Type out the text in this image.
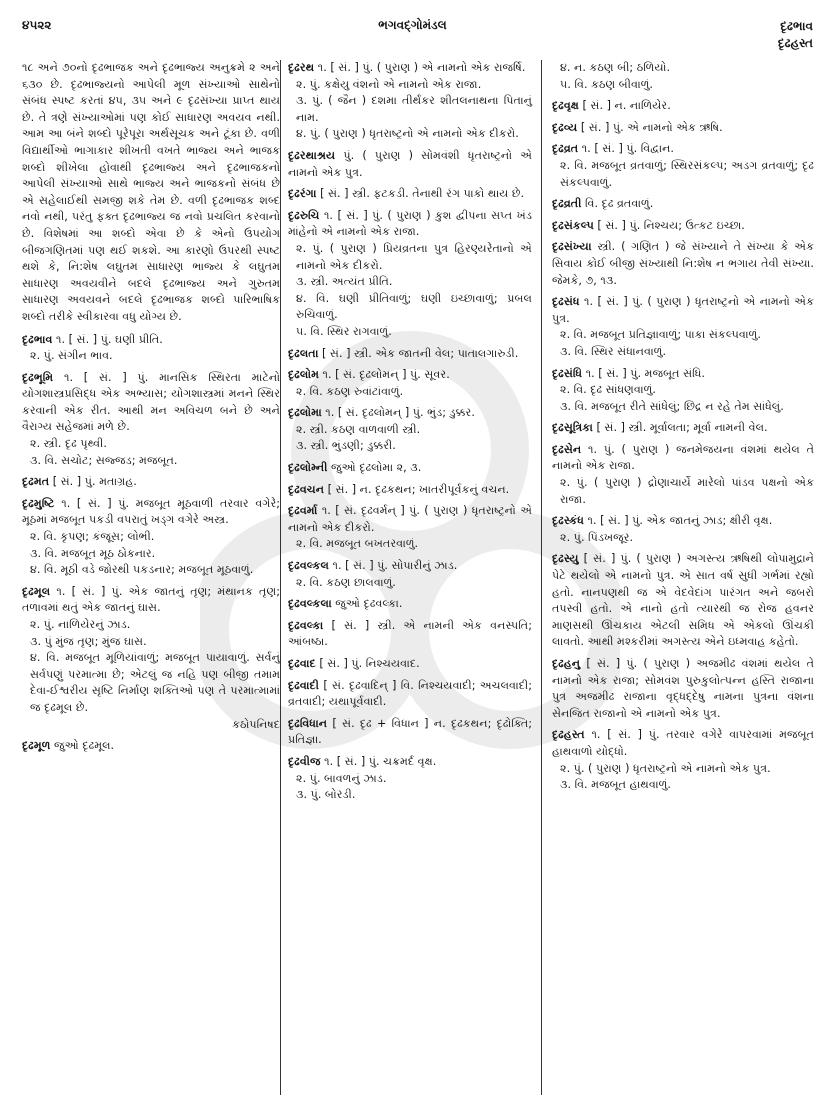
૪૫૨૨	ભગવદ્ગોમંડલ	દૃઢભાવ
દૃઢહસ્ત

૧૮ અને ૭૦નો દૃઢભાજક અને દૃઢભાજ્ય અનુક્રમે ૨ અને ૬૩૦ છે. દૃઢભાજ્યનો આપેલી મૂળ સંખ્યાઓ સાથેનો સંબંધ સ્પષ્ટ કરતાં ૪૫, ૩૫ અને ૯ દૃઢસંખ્યા પ્રાપ્ત થાય છે. તે ત્રણે સંખ્યાઓમાં પણ કોઈ સાધારણ અવયવ નથી. આમ આ બંને શબ્દો પૂરેપૂરા અર્થસૂચક અને ટૂંકા છે. વળી વિદ્યાર્થીઓ ભાગાકાર શીખતી વખતે ભાજ્ય અને ભાજક શબ્દો શીખેલા હોવાથી દૃઢભાજ્ય અને દૃઢભાજકનો આપેલી સંખ્યાઓ સાથે ભાજ્ય અને ભાજકનો સંબંધ છે એ સહેલાઈથી સમજી શકે તેમ છે. વળી દૃઢભાજક શબ્દ નવો નથી, પરંતુ ફક્ત દૃઢભાજ્ય જ નવો પ્રચલિત કરવાનો છે. વિશેષમાં આ શબ્દો એવા છે કે એનો ઉપયોગ બીજગણિતમાં પણ થઈ શકશે. આ કારણો ઉપરથી સ્પષ્ટ થશે કે, નિ:શેષ લઘુતમ સાધારણ ભાજ્ય કે લઘુતમ સાધારણ અવયવીને બદલે દૃઢભાજ્ય અને ગુરુતમ સાધારણ અવયવને બદલે દૃઢભાજક શબ્દો પારિભાષિક શબ્દો તરીકે સ્વીકારવા વધુ યોગ્ય છે.

દૃઢભાવ ૧. [ સં. ] પું. ઘણી પ્રીતિ.
૨. પું. સંગીન ભાવ.
દૃઢભૂમિ ૧. [ સં. ] પું. માનસિક સ્થિરતા માટેનો યોગશાસ્ત્રપ્રસિદ્ધ એક અભ્યાસ; યોગશાસ્ત્રમાં મનને સ્થિર કરવાની એક રીત. આથી મન અવિચળ બને છે અને વૈરાગ્ય સહેજમાં મળે છે.
૨. સ્ત્રી. દૃઢ પૃથ્વી.
૩. વિ. સચોટ; સજ્જડ; મજબૂત.
દૃઢમત [ સં. ] પું. મતાગ્રહ.
દૃઢમુષ્ટિ ૧. [ સં. ] પું. મજબૂત મૂઠવાળી તરવાર વગેરે; મૂઠમાં મજબૂત પકડી વપરાતું ખડ્ગ વગેરે અસ્ત્ર.
૨. વિ. કૃપણ; કંજૂસ; લોભી.
૩. વિ. મજબૂત મૂઠ ઠોકનાર.
૪. વિ. મૂઠી વડે જોરથી પકડનાર; મજબૂત મૂઠવાળું.
દૃઢમૂલ ૧. [ સં. ] પું. એક જાતનું તૃણ; મંથાનક તૃણ; તળાવમાં થતું એક જાતનું ઘાસ.
૨. પું. નાળિયેરનું ઝાડ.
૩. પું મુંજ તૃણ; મુંજ ઘાસ.
૪. વિ. મજબૂત મૂળિયાંવાળું; મજબૂત પાયાવાળું. સર્વનું સર્વપણું પરમાત્મા છે; એટલું જ નહિ પણ બીજી તમામ દેવા-ઈશ્વરીય સૃષ્ટિ નિર્માણ શક્તિઓ પણ તે પરમાત્મામાં જ દૃઢમૂલ છે.
કઠોપનિષદ
દૃઢમૂળ જુઓ દૃઢમૂલ.
દૃઢરથ ૧. [ સં. ] પું. ( પુરાણ ) એ નામનો એક રાજર્ષિ.
૨. પું. કક્ષેયુ વંશનો એ નામનો એક રાજા.
૩. પું. ( જૈન ) દશમા તીર્થંકર શીતલનાથના પિતાનું નામ.
૪. પું. ( પુરાણ ) ધૃતરાષ્ટ્રનો એ નામનો એક દીકરો.
દૃઢરથાશ્રય પું. ( પુરાણ ) સોમવંશી ધૃતરાષ્ટ્રનો એ નામનો એક પુત્ર.
દૃઢરંગા [ સં. ] સ્ત્રી. ફટકડી. તેનાથી રંગ પાકો થાય છે.
દૃઢરુચિ ૧. [ સં. ] પું. ( પુરાણ ) કુશ દ્વીપના સપ્ત ખંડ માંહેનો એ નામનો એક રાજા.
૨. પું. ( પુરાણ ) પ્રિયવ્રતના પુત્ર હિરણ્યરેતાનો એ નામનો એક દીકરો.
૩. સ્ત્રી. અત્યંત પ્રીતિ.
૪. વિ. ઘણી પ્રીતિવાળું; ઘણી ઇચ્છાવાળું; પ્રબલ રુચિવાળું.
૫. વિ. સ્થિર રાગવાળું.
દૃઢલતા [ સં. ] સ્ત્રી. એક જાતની વેલ; પાતાલગારુડી.
દૃઢલોમ ૧. [ સં. દૃઢલોમન્ ] પું. સૂવર.
૨. વિ. કઠણ રુવાંટાંવાળું.
દૃઢલોમા ૧. [ સં. દૃઢલોમન્ ] પું. ભુંડ; ડુક્કર.
૨. સ્ત્રી. કઠણ વાળવાળી સ્ત્રી.
૩. સ્ત્રી. ભુંડણી; ડુક્કરી.
દૃઢલોમ્ની જુઓ દૃઢલોમા ૨, ૩.
દૃઢવચન [ સં. ] ન. દૃઢકથન; ખાતરીપૂર્વકનું વચન.
દૃઢવર્મા ૧. [ સં. દૃઢવર્મન્ ] પું. ( પુરાણ ) ધૃતરાષ્ટ્રનો એ નામનો એક દીકરો.
૨. વિ. મજબૂત બખતરવાળું.
દૃઢવલ્કલ ૧. [ સં. ] પું. સોપારીનું ઝાડ.
૨. વિ. કઠણ છાલવાળું.
દૃઢવલ્કલા જુઓ દૃઢવલ્કા.
દૃઢવલ્કા [ સં. ] સ્ત્રી. એ નામની એક વનસ્પતિ; આંબષ્ઠા.
દૃઢવાદ [ સં. ] પું. નિશ્ચયવાદ.
દૃઢવાદી [ સં. દૃઢવાદિન્ ] વિ. નિશ્ચયવાદી; અચલવાદી; વ્રતવાદી; યથાપૂર્વવાદી.
દૃઢવિધાન [ સં. દૃઢ + વિધાન ] ન. દૃઢકથન; દૃઢોક્તિ; પ્રતિજ્ઞા.
દૃઢવીજ ૧. [ સં. ] પું. ચક્રમર્દ વૃક્ષ.
૨. પું. બાવળનું ઝાડ.
૩. પું. બોરડી.
૪. ન. કઠણ બી; ઠળિયો.
૫. વિ. કઠણ બીવાળું.
દૃઢવૃક્ષ [ સં. ] ન. નાળિયેર.
દૃઢવ્ય [ સં. ] પું. એ નામનો એક ઋષિ.
દૃઢવ્રત ૧. [ સં. ] પું. વિદ્વાન.
૨. વિ. મજબૂત વ્રતવાળું; સ્થિરસંકલ્પ; અડગ વ્રતવાળું; દૃઢ સંકલ્પવાળું.
દૃઢવ્રતી વિ. દૃઢ વ્રતવાળું.
દૃઢસંકલ્પ [ સં. ] પું. નિશ્ચય; ઉત્કટ ઇચ્છા.
દૃઢસંખ્યા સ્ત્રી. ( ગણિત ) જે સંખ્યાને તે સંખ્યા કે એક સિવાય કોઈ બીજી સંખ્યાથી નિ:શેષ ન ભગાય તેવી સંખ્યા. જેમકે, ૭, ૧૩.
દૃઢસંધ ૧. [ સં. ] પું. ( પુરાણ ) ધૃતરાષ્ટ્રનો એ નામનો એક પુત્ર.
૨. વિ. મજબૂત પ્રતિજ્ઞાવાળું; પાકા સંકલ્પવાળું.
૩. વિ. સ્થિર સંધાનવાળું.
દૃઢસંધિ ૧. [ સં. ] પું. મજબૂત સંધિ.
૨. વિ. દૃઢ સાંધણવાળું.
૩. વિ. મજબૂત રીતે સાંધેલું; છિદ્ર ન રહે તેમ સાંધેલું.
દૃઢસૂત્રિકા [ સં. ] સ્ત્રી. મૂર્વાલતા; મૂર્વા નામની વેલ.
દૃઢસેન ૧. પું. ( પુરાણ ) જનમેજયના વંશમાં થયેલ તે નામનો એક રાજા.
૨. પું. ( પુરાણ ) દ્રોણાચાર્યે મારેલો પાંડવ પક્ષનો એક રાજા.
દૃઢસ્કંધ ૧. [ સં. ] પું. એક જાતનું ઝાડ; ક્ષીરી વૃક્ષ.
૨. પું. પિંડખજૂર.
દૃઢસ્યુ [ સં. ] પું. ( પુરાણ ) અગસ્ત્ય ઋષિથી લોપામુદ્રાને પેટે થયેલો એ નામનો પુત્ર. એ સાત વર્ષ સુધી ગર્ભમાં રહ્યો હતો. નાનપણથી જ એ વેદવેદાંગ પારંગત અને જબરો તપસ્વી હતો. એ નાનો હતો ત્યારથી જ રોજ હવનર માણસથી ઊંચકાય એટલી સમિધ એ એકલો ઊંચકી લાવતો. આથી મશ્કરીમાં અગસ્ત્ય એને ઇધ્મવાહ કહેતો.
દૃઢહનુ [ સં. ] પું. ( પુરાણ ) અજમીઢ વંશમાં થયેલ તે નામનો એક રાજા; સોમવંશ પુરુકુલોત્પન્ન હસ્તિ રાજાના પુત્ર અજમીઢ રાજાના વૃદ્ધદ્દેષુ નામના પુત્રના વંશના સેનજિત રાજાનો એ નામનો એક પુત્ર.
દૃઢહસ્ત ૧. [ સં. ] પું. તરવાર વગેરે વાપરવામાં મજબૂત હાથવાળો યોદ્ધો.
૨. પું. ( પુરાણ ) ધૃતરાષ્ટ્રનો એ નામનો એક પુત્ર.
૩. વિ. મજબૂત હાથવાળું.
